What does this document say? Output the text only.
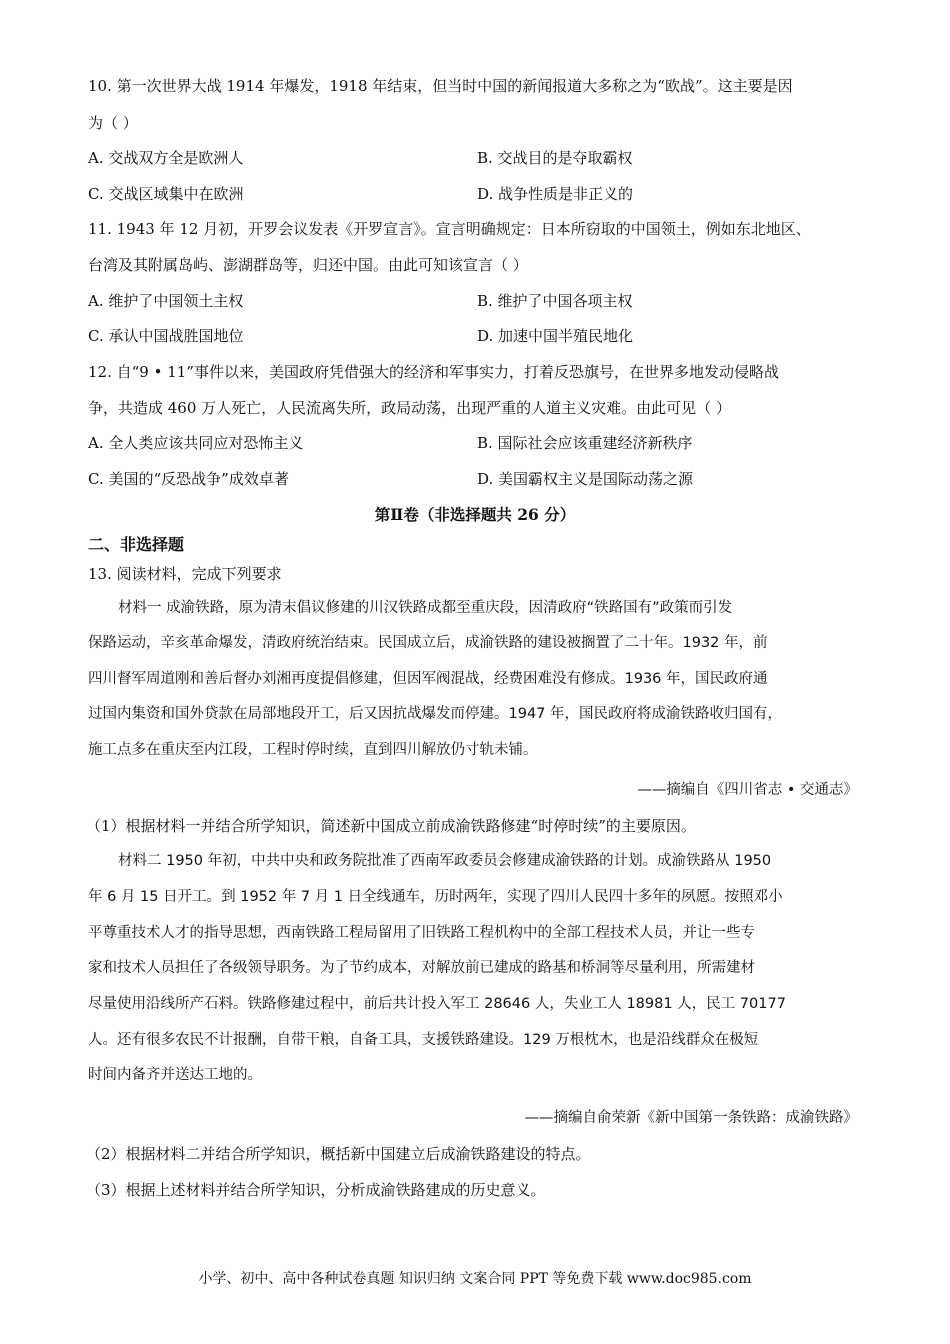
10. 第一次世界大战 1914 年爆发，1918 年结束，但当时中国的新闻报道大多称之为“欧战”。这主要是因
为（ ）
A. 交战双方全是欧洲人	B. 交战目的是夺取霸权
C. 交战区域集中在欧洲	D. 战争性质是非正义的
11. 1943 年 12 月初，开罗会议发表《开罗宣言》。宣言明确规定：日本所窃取的中国领土，例如东北地区、
台湾及其附属岛屿、澎湖群岛等，归还中国。由此可知该宣言（ ）
A. 维护了中国领土主权	B. 维护了中国各项主权
C. 承认中国战胜国地位	D. 加速中国半殖民地化
12. 自“9 • 11”事件以来，美国政府凭借强大的经济和军事实力，打着反恐旗号，在世界多地发动侵略战
争，共造成 460 万人死亡，人民流离失所，政局动荡，出现严重的人道主义灾难。由此可见（ ）
A. 全人类应该共同应对恐怖主义	B. 国际社会应该重建经济新秩序
C. 美国的“反恐战争”成效卓著	D. 美国霸权主义是国际动荡之源
第Ⅱ卷（非选择题共 26 分）
二、非选择题
13. 阅读材料，完成下列要求
材料一 成渝铁路，原为清末倡议修建的川汉铁路成都至重庆段，因清政府“铁路国有”政策而引发
保路运动，辛亥革命爆发，清政府统治结束。民国成立后，成渝铁路的建设被搁置了二十年。1932 年，前
四川督军周道刚和善后督办刘湘再度提倡修建，但因军阀混战，经费困难没有修成。1936 年，国民政府通
过国内集资和国外贷款在局部地段开工，后又因抗战爆发而停建。1947 年，国民政府将成渝铁路收归国有，
施工点多在重庆至内江段，工程时停时续，直到四川解放仍寸轨未铺。
——摘编自《四川省志 • 交通志》
（1）根据材料一并结合所学知识，简述新中国成立前成渝铁路修建“时停时续”的主要原因。
材料二 1950 年初，中共中央和政务院批准了西南军政委员会修建成渝铁路的计划。成渝铁路从 1950
年 6 月 15 日开工。到 1952 年 7 月 1 日全线通车，历时两年，实现了四川人民四十多年的夙愿。按照邓小
平尊重技术人才的指导思想，西南铁路工程局留用了旧铁路工程机构中的全部工程技术人员，并让一些专
家和技术人员担任了各级领导职务。为了节约成本，对解放前已建成的路基和桥洞等尽量利用，所需建材
尽量使用沿线所产石料。铁路修建过程中，前后共计投入军工 28646 人，失业工人 18981 人，民工 70177
人。还有很多农民不计报酬，自带干粮，自备工具，支援铁路建设。129 万根枕木，也是沿线群众在极短
时间内备齐并送达工地的。
——摘编自俞荣新《新中国第一条铁路：成渝铁路》
（2）根据材料二并结合所学知识，概括新中国建立后成渝铁路建设的特点。
（3）根据上述材料并结合所学知识，分析成渝铁路建成的历史意义。
小学、初中、高中各种试卷真题 知识归纳 文案合同 PPT 等免费下载 www.doc985.com
